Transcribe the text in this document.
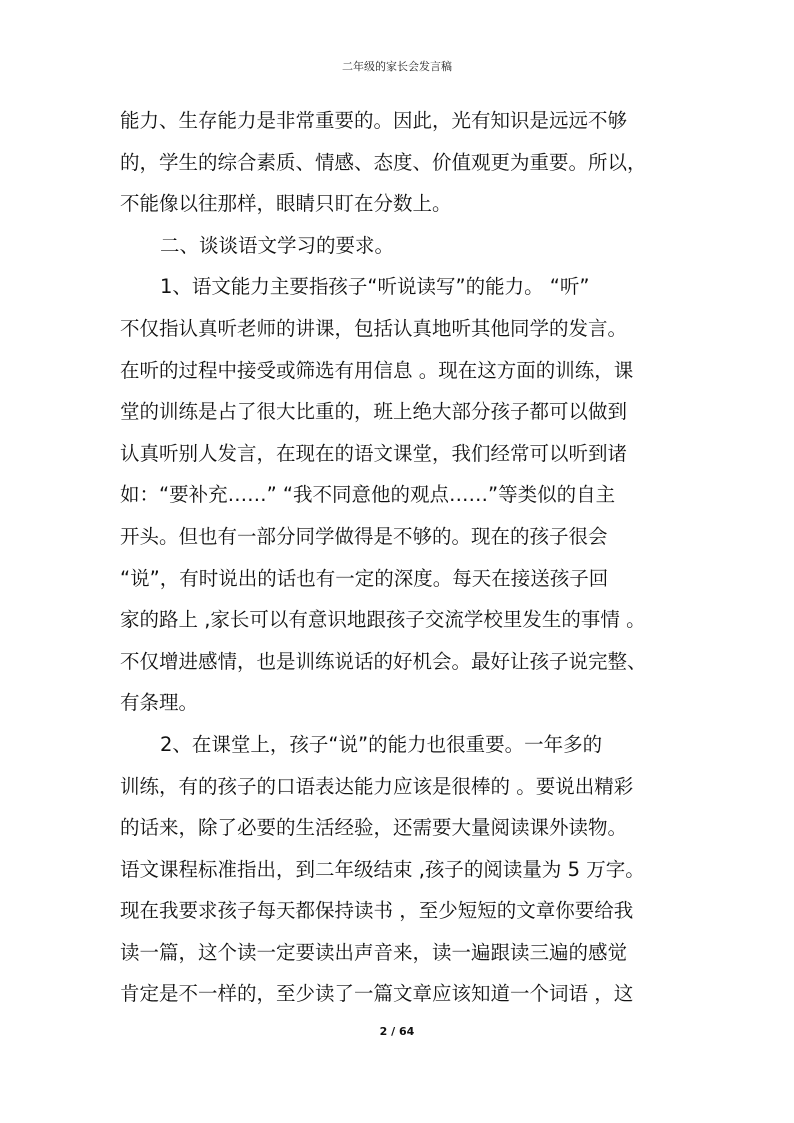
二年级的家长会发言稿
能力、生存能力是非常重要的。因此，光有知识是远远不够
的，学生的综合素质、情感、态度、价值观更为重要。所以，
不能像以往那样，眼睛只盯在分数上。
二、谈谈语文学习的要求。
1、语文能力主要指孩子“听说读写”的能力。 “听”
不仅指认真听老师的讲课，包括认真地听其他同学的发言。
在听的过程中接受或筛选有用信息 。现在这方面的训练，课
堂的训练是占了很大比重的，班上绝大部分孩子都可以做到
认真听别人发言，在现在的语文课堂，我们经常可以听到诸
如：“要补充……” “我不同意他的观点……”等类似的自主
开头。但也有一部分同学做得是不够的。现在的孩子很会
“说”，有时说出的话也有一定的深度。每天在接送孩子回
家的路上 ,家长可以有意识地跟孩子交流学校里发生的事情 。
不仅增进感情，也是训练说话的好机会。最好让孩子说完整、
有条理。
2、在课堂上，孩子“说”的能力也很重要。一年多的
训练，有的孩子的口语表达能力应该是很棒的 。要说出精彩
的话来，除了必要的生活经验，还需要大量阅读课外读物。
语文课程标准指出，到二年级结束 ,孩子的阅读量为 5 万字。
现在我要求孩子每天都保持读书 ，至少短短的文章你要给我
读一篇，这个读一定要读出声音来，读一遍跟读三遍的感觉
肯定是不一样的，至少读了一篇文章应该知道一个词语 ，这
2 / 64
